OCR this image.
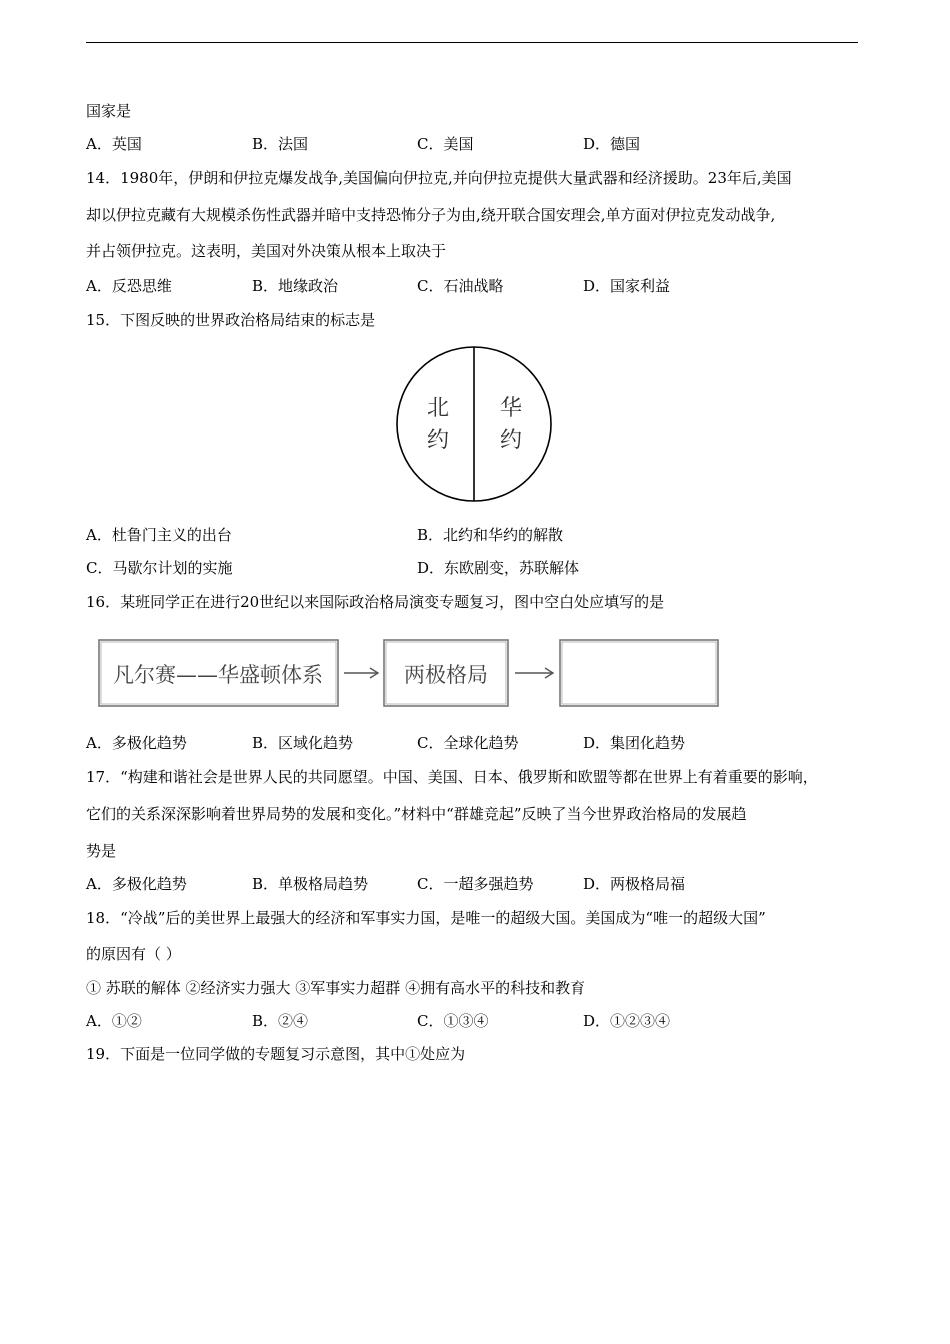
国家是
A．英国	B．法国	C．美国	D．德国
14．1980年，伊朗和伊拉克爆发战争,美国偏向伊拉克,并向伊拉克提供大量武器和经济援助。23年后,美国
却以伊拉克藏有大规模杀伤性武器并暗中支持恐怖分子为由,绕开联合国安理会,单方面对伊拉克发动战争,
并占领伊拉克。这表明，美国对外决策从根本上取决于
A．反恐思维	B．地缘政治	C．石油战略	D．国家利益
15．下图反映的世界政治格局结束的标志是
北
约
华
约
A．杜鲁门主义的出台	B．北约和华约的解散
C．马歇尔计划的实施	D．东欧剧变，苏联解体
16．某班同学正在进行20世纪以来国际政治格局演变专题复习，图中空白处应填写的是
凡尔赛——华盛顿体系	两极格局
A．多极化趋势	B．区域化趋势	C．全球化趋势	D．集团化趋势
17．“构建和谐社会是世界人民的共同愿望。中国、美国、日本、俄罗斯和欧盟等都在世界上有着重要的影响，
它们的关系深深影响着世界局势的发展和变化。”材料中“群雄竞起”反映了当今世界政治格局的发展趋
势是
A．多极化趋势	B．单极格局趋势	C．一超多强趋势	D．两极格局福
18．“冷战”后的美世界上最强大的经济和军事实力国，是唯一的超级大国。美国成为“唯一的超级大国”
的原因有（ ）
① 苏联的解体 ②经济实力强大 ③军事实力超群 ④拥有高水平的科技和教育
A．①②	B．②④	C．①③④	D．①②③④
19．下面是一位同学做的专题复习示意图，其中①处应为
